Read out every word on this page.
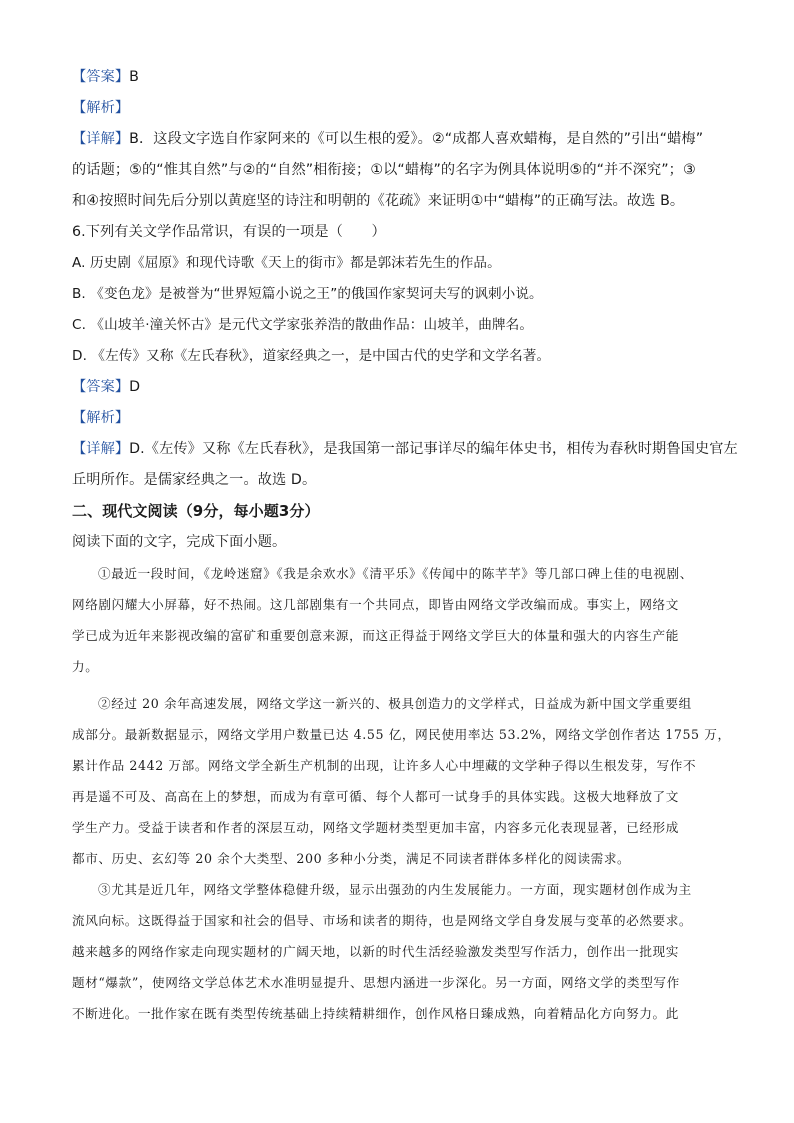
【答案】B
【解析】
【详解】B．这段文字选自作家阿来的《可以生根的爱》。②“成都人喜欢蜡梅，是自然的”引出“蜡梅”
的话题；⑤的“惟其自然”与②的“自然”相衔接；①以“蜡梅”的名字为例具体说明⑤的“并不深究”；③
和④按照时间先后分别以黄庭坚的诗注和明朝的《花疏》来证明①中“蜡梅”的正确写法。故选 B。
6.下列有关文学作品常识，有误的一项是（　　）
A. 历史剧《屈原》和现代诗歌《天上的街市》都是郭沫若先生的作品。
B. 《变色龙》是被誉为“世界短篇小说之王”的俄国作家契诃夫写的讽刺小说。
C. 《山坡羊·潼关怀古》是元代文学家张养浩的散曲作品：山坡羊，曲牌名。
D. 《左传》又称《左氏春秋》，道家经典之一，是中国古代的史学和文学名著。
【答案】D
【解析】
【详解】D.《左传》又称《左氏春秋》，是我国第一部记事详尽的编年体史书，相传为春秋时期鲁国史官左
丘明所作。是儒家经典之一。故选 D。
二、现代文阅读（9分，每小题3分）
阅读下面的文字，完成下面小题。
①最近一段时间，《龙岭迷窟》《我是余欢水》《清平乐》《传闻中的陈芊芊》等几部口碑上佳的电视剧、
网络剧闪耀大小屏幕，好不热闹。这几部剧集有一个共同点，即皆由网络文学改编而成。事实上，网络文
学已成为近年来影视改编的富矿和重要创意来源，而这正得益于网络文学巨大的体量和强大的内容生产能
力。
②经过 20 余年高速发展，网络文学这一新兴的、极具创造力的文学样式，日益成为新中国文学重要组
成部分。最新数据显示，网络文学用户数量已达 4.55 亿，网民使用率达 53.2%，网络文学创作者达 1755 万，
累计作品 2442 万部。网络文学全新生产机制的出现，让许多人心中埋藏的文学种子得以生根发芽，写作不
再是遥不可及、高高在上的梦想，而成为有章可循、每个人都可一试身手的具体实践。这极大地释放了文
学生产力。受益于读者和作者的深层互动，网络文学题材类型更加丰富，内容多元化表现显著，已经形成
都市、历史、玄幻等 20 余个大类型、200 多种小分类，满足不同读者群体多样化的阅读需求。
③尤其是近几年，网络文学整体稳健升级，显示出强劲的内生发展能力。一方面，现实题材创作成为主
流风向标。这既得益于国家和社会的倡导、市场和读者的期待，也是网络文学自身发展与变革的必然要求。
越来越多的网络作家走向现实题材的广阔天地，以新的时代生活经验激发类型写作活力，创作出一批现实
题材“爆款”，使网络文学总体艺术水准明显提升、思想内涵进一步深化。另一方面，网络文学的类型写作
不断进化。一批作家在既有类型传统基础上持续精耕细作，创作风格日臻成熟，向着精品化方向努力。此
